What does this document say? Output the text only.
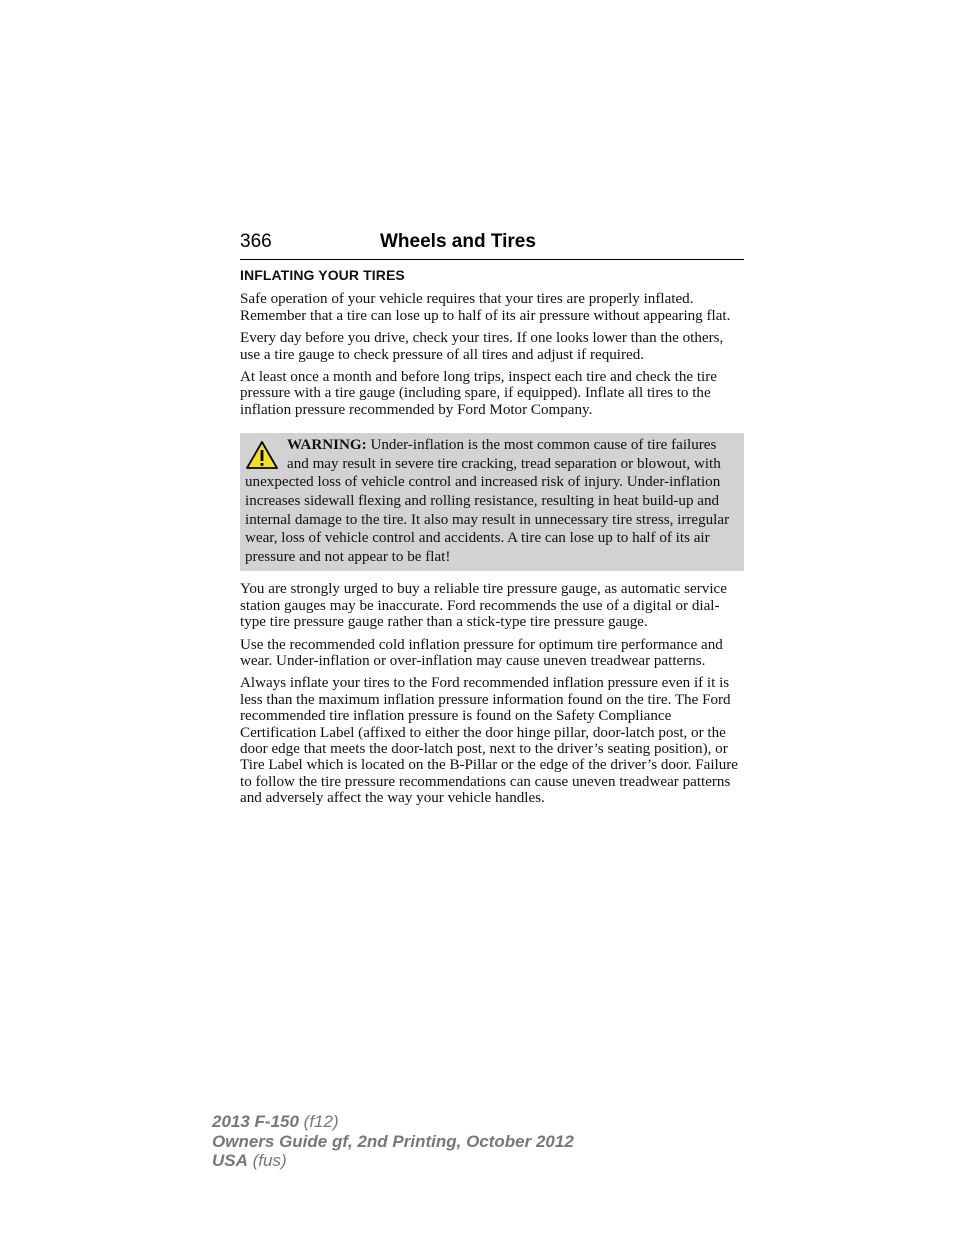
366	Wheels and Tires
INFLATING YOUR TIRES

Safe operation of your vehicle requires that your tires are properly inflated. Remember that a tire can lose up to half of its air pressure without appearing flat.

Every day before you drive, check your tires. If one looks lower than the others, use a tire gauge to check pressure of all tires and adjust if required.

At least once a month and before long trips, inspect each tire and check the tire pressure with a tire gauge (including spare, if equipped). Inflate all tires to the inflation pressure recommended by Ford Motor Company.

WARNING: Under-inflation is the most common cause of tire failures and may result in severe tire cracking, tread separation or blowout, with unexpected loss of vehicle control and increased risk of injury. Under-inflation increases sidewall flexing and rolling resistance, resulting in heat build-up and internal damage to the tire. It also may result in unnecessary tire stress, irregular wear, loss of vehicle control and accidents. A tire can lose up to half of its air pressure and not appear to be flat!

You are strongly urged to buy a reliable tire pressure gauge, as automatic service station gauges may be inaccurate. Ford recommends the use of a digital or dial-type tire pressure gauge rather than a stick-type tire pressure gauge.

Use the recommended cold inflation pressure for optimum tire performance and wear. Under-inflation or over-inflation may cause uneven treadwear patterns.

Always inflate your tires to the Ford recommended inflation pressure even if it is less than the maximum inflation pressure information found on the tire. The Ford recommended tire inflation pressure is found on the Safety Compliance Certification Label (affixed to either the door hinge pillar, door-latch post, or the door edge that meets the door-latch post, next to the driver’s seating position), or Tire Label which is located on the B-Pillar or the edge of the driver’s door. Failure to follow the tire pressure recommendations can cause uneven treadwear patterns and adversely affect the way your vehicle handles.

2013 F-150 (f12)
Owners Guide gf, 2nd Printing, October 2012
USA (fus)
